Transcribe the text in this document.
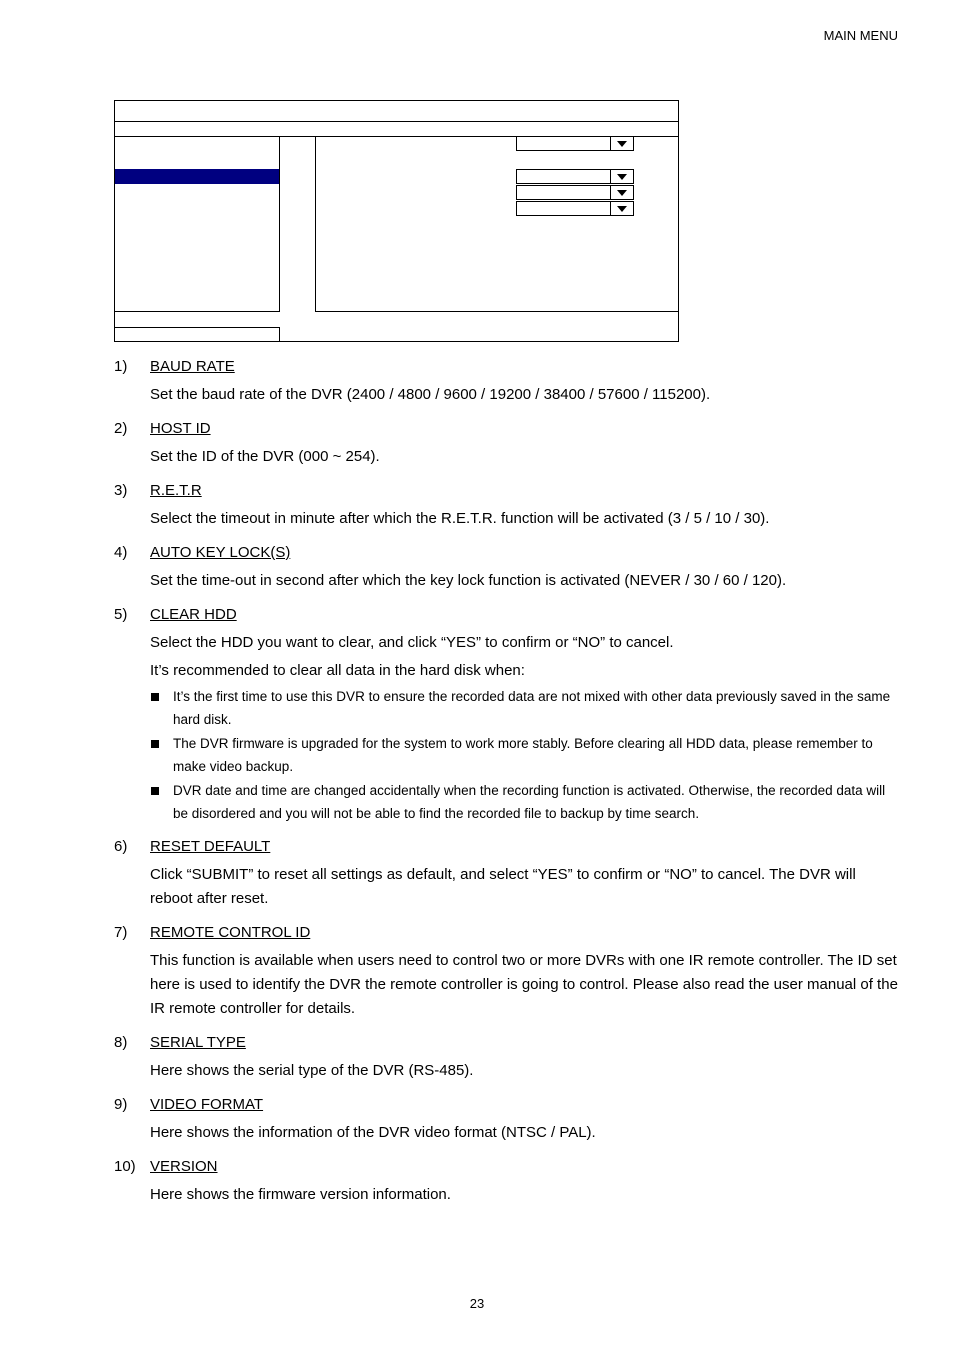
MAIN MENU
1) BAUD RATE
Set the baud rate of the DVR (2400 / 4800 / 9600 / 19200 / 38400 / 57600 / 115200).
2) HOST ID
Set the ID of the DVR (000 ~ 254).
3) R.E.T.R
Select the timeout in minute after which the R.E.T.R. function will be activated (3 / 5 / 10 / 30).
4) AUTO KEY LOCK(S)
Set the time-out in second after which the key lock function is activated (NEVER / 30 / 60 / 120).
5) CLEAR HDD
Select the HDD you want to clear, and click “YES” to confirm or “NO” to cancel.
It’s recommended to clear all data in the hard disk when:
It’s the first time to use this DVR to ensure the recorded data are not mixed with other data previously saved in the same hard disk.
The DVR firmware is upgraded for the system to work more stably. Before clearing all HDD data, please remember to make video backup.
DVR date and time are changed accidentally when the recording function is activated. Otherwise, the recorded data will be disordered and you will not be able to find the recorded file to backup by time search.
6) RESET DEFAULT
Click “SUBMIT” to reset all settings as default, and select “YES” to confirm or “NO” to cancel. The DVR will reboot after reset.
7) REMOTE CONTROL ID
This function is available when users need to control two or more DVRs with one IR remote controller. The ID set here is used to identify the DVR the remote controller is going to control. Please also read the user manual of the IR remote controller for details.
8) SERIAL TYPE
Here shows the serial type of the DVR (RS-485).
9) VIDEO FORMAT
Here shows the information of the DVR video format (NTSC / PAL).
10) VERSION
Here shows the firmware version information.
23
